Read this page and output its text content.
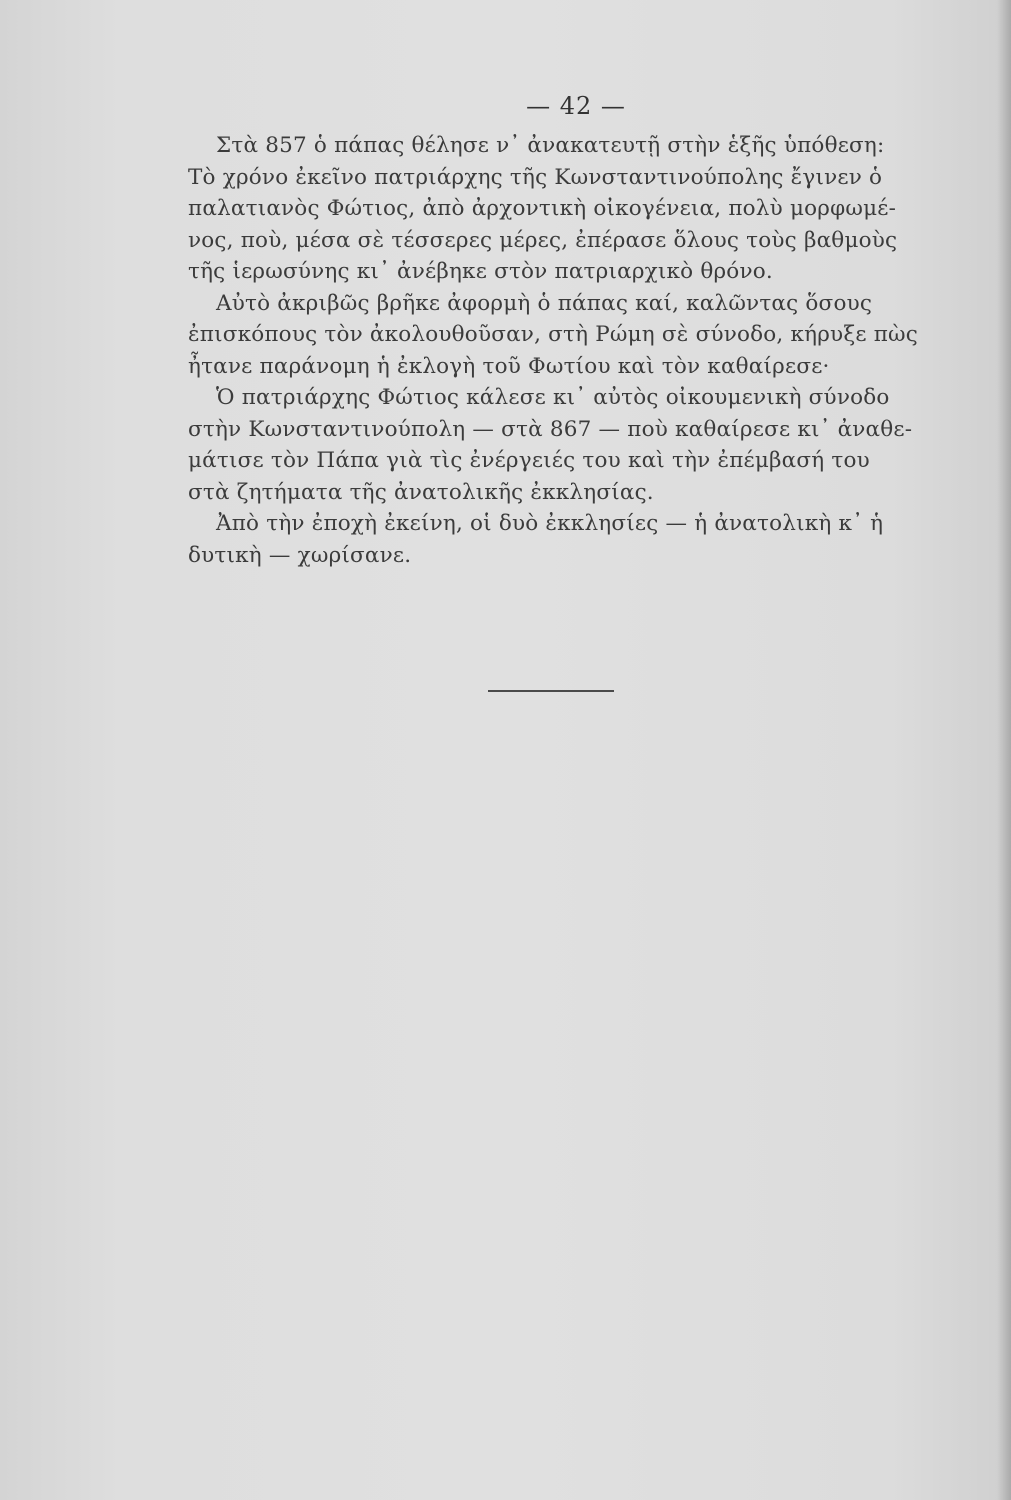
— 42 —
Στὰ 857 ὁ πάπας θέλησε ν᾿ ἀνακατευτῇ στὴν ἑξῆς ὑπόθεση:
Τὸ χρόνο ἐκεῖνο πατριάρχης τῆς Κωνσταντινούπολης ἔγινεν ὁ
παλατιανὸς Φώτιος, ἀπὸ ἀρχοντικὴ οἰκογένεια, πολὺ μορφωμέ-
νος, ποὺ, μέσα σὲ τέσσερες μέρες, ἐπέρασε ὅλους τοὺς βαθμοὺς
τῆς ἱερωσύνης κι᾿ ἀνέβηκε στὸν πατριαρχικὸ θρόνο.
Αὐτὸ ἀκριβῶς βρῆκε ἀφορμὴ ὁ πάπας καί, καλῶντας ὅσους
ἐπισκόπους τὸν ἀκολουθοῦσαν, στὴ Ρώμη σὲ σύνοδο, κήρυξε πὼς
ἦτανε παράνομη ἡ ἐκλογὴ τοῦ Φωτίου καὶ τὸν καθαίρεσε·
Ὁ πατριάρχης Φώτιος κάλεσε κι᾿ αὐτὸς οἰκουμενικὴ σύνοδο
στὴν Κωνσταντινούπολη — στὰ 867 — ποὺ καθαίρεσε κι᾿ ἀναθε-
μάτισε τὸν Πάπα γιὰ τὶς ἐνέργειές του καὶ τὴν ἐπέμβασή του
στὰ ζητήματα τῆς ἀνατολικῆς ἐκκλησίας.
Ἀπὸ τὴν ἐποχὴ ἐκείνη, οἱ δυὸ ἐκκλησίες — ἡ ἀνατολικὴ κ᾿ ἡ
δυτικὴ — χωρίσανε.
